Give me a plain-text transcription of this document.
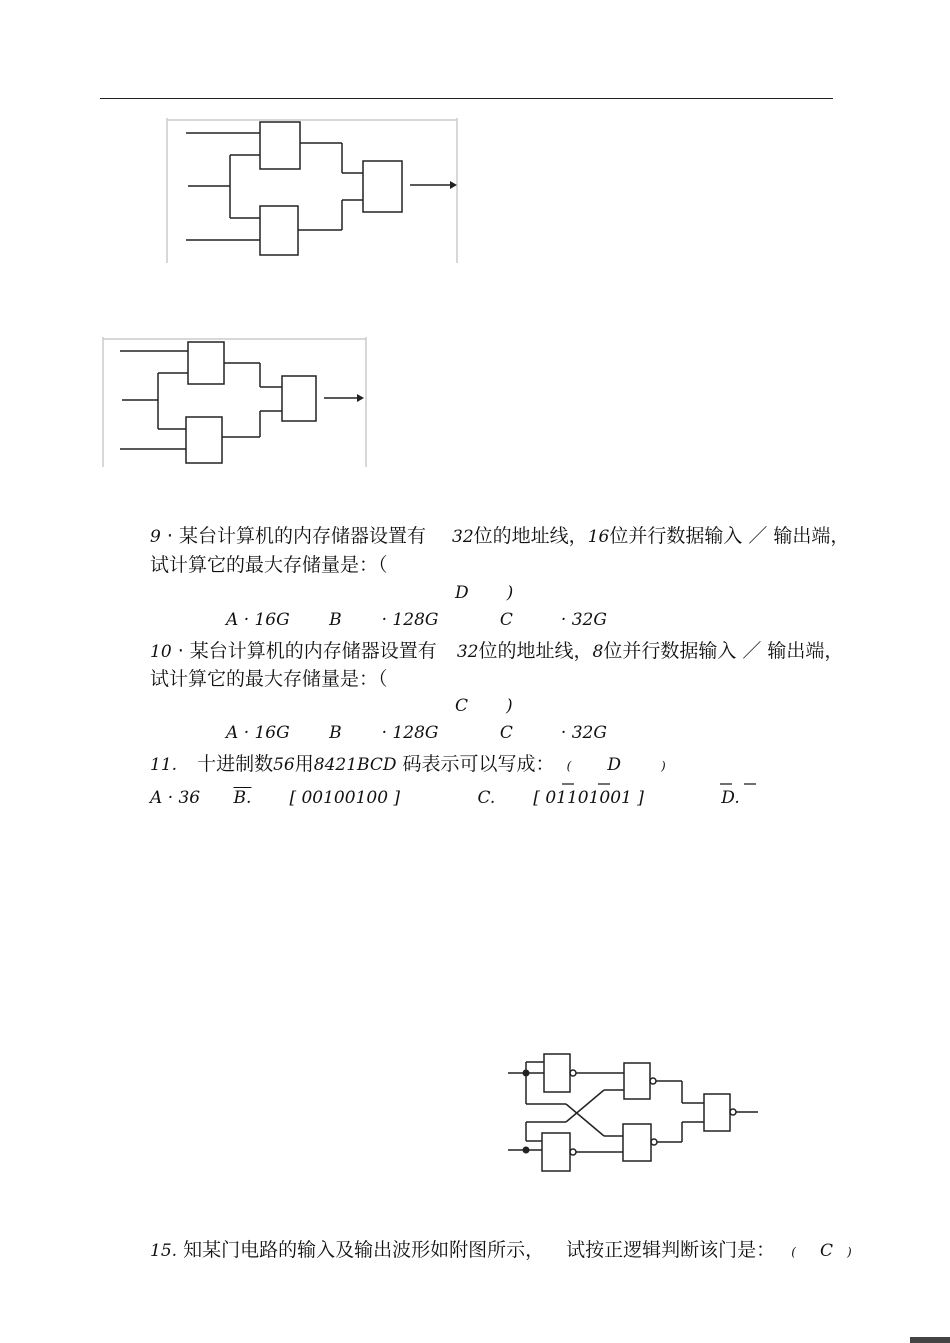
9 · 某台计算机的内存储器设置有 32位的地址线，16位并行数据输入 ／ 输出端，
试计算它的最大存储量是：（
D )
A · 16G B · 128G	C	· 32G
10 · 某台计算机的内存储器设置有 32位的地址线，8位并行数据输入 ／ 输出端，
试计算它的最大存储量是：（
C )
A · 16G B · 128G	C	· 32G
11. 十进制数56用8421BCD 码表示可以写成： ( D	)
A · 36 B. [ 00100100 ]	C. [ 01101001 ]	D.
15. 知某门电路的输入及输出波形如附图所示， 试按正逻辑判断该门是： ( C )
